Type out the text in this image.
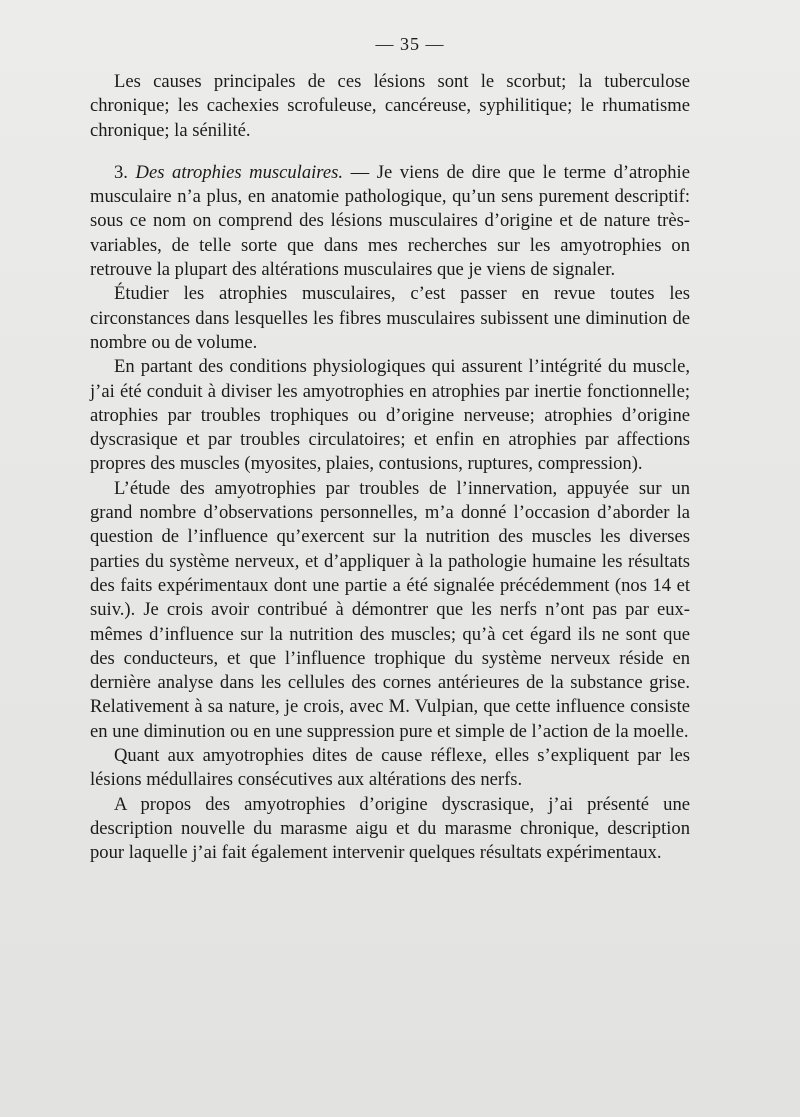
— 35 —

Les causes principales de ces lésions sont le scorbut; la tuberculose chronique; les cachexies scrofuleuse, cancéreuse, syphilitique; le rhumatisme chronique; la sénilité.

3. Des atrophies musculaires. — Je viens de dire que le terme d’atrophie musculaire n’a plus, en anatomie pathologique, qu’un sens purement descriptif: sous ce nom on comprend des lésions musculaires d’origine et de nature très-variables, de telle sorte que dans mes recherches sur les amyotrophies on retrouve la plupart des altérations musculaires que je viens de signaler.

Étudier les atrophies musculaires, c’est passer en revue toutes les circonstances dans lesquelles les fibres musculaires subissent une diminution de nombre ou de volume.

En partant des conditions physiologiques qui assurent l’intégrité du muscle, j’ai été conduit à diviser les amyotrophies en atrophies par inertie fonctionnelle; atrophies par troubles trophiques ou d’origine nerveuse; atrophies d’origine dyscrasique et par troubles circulatoires; et enfin en atrophies par affections propres des muscles (myosites, plaies, contusions, ruptures, compression).

L’étude des amyotrophies par troubles de l’innervation, appuyée sur un grand nombre d’observations personnelles, m’a donné l’occasion d’aborder la question de l’influence qu’exercent sur la nutrition des muscles les diverses parties du système nerveux, et d’appliquer à la pathologie humaine les résultats des faits expérimentaux dont une partie a été signalée précédemment (nos 14 et suiv.). Je crois avoir contribué à démontrer que les nerfs n’ont pas par eux-mêmes d’influence sur la nutrition des muscles; qu’à cet égard ils ne sont que des conducteurs, et que l’influence trophique du système nerveux réside en dernière analyse dans les cellules des cornes antérieures de la substance grise. Relativement à sa nature, je crois, avec M. Vulpian, que cette influence consiste en une diminution ou en une suppression pure et simple de l’action de la moelle.

Quant aux amyotrophies dites de cause réflexe, elles s’expliquent par les lésions médullaires consécutives aux altérations des nerfs.

A propos des amyotrophies d’origine dyscrasique, j’ai présenté une description nouvelle du marasme aigu et du marasme chronique, description pour laquelle j’ai fait également intervenir quelques résultats expérimentaux.
